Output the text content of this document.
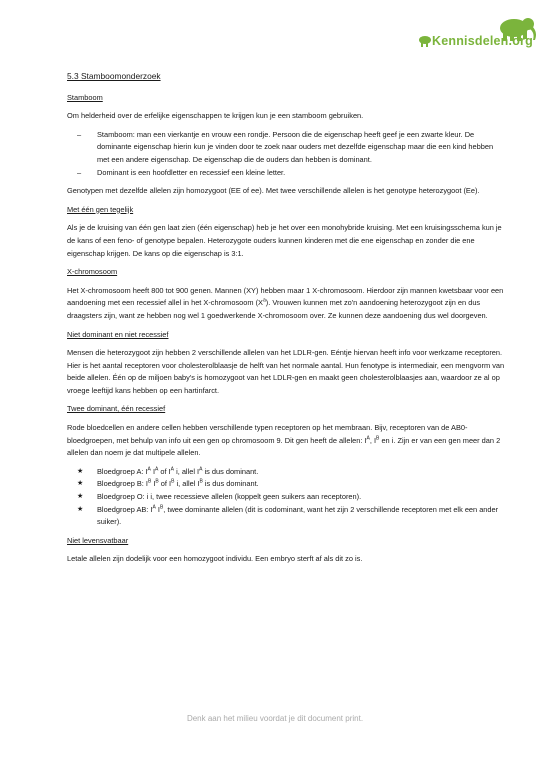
Kennisdelen.org
5.3 Stamboomonderzoek
Stamboom

Om helderheid over de erfelijke eigenschappen te krijgen kun je een stamboom gebruiken.

– Stamboom: man een vierkantje en vrouw een rondje. Persoon die de eigenschap heeft geef je een zwarte kleur. De dominante eigenschap hierin kun je vinden door te zoek naar ouders met dezelfde eigenschap maar die een kind hebben met een andere eigenschap. De eigenschap die de ouders dan hebben is dominant.
– Dominant is een hoofdletter en recessief een kleine letter.

Genotypen met dezelfde allelen zijn homozygoot (EE of ee). Met twee verschillende allelen is het genotype heterozygoot (Ee).

Met één gen tegelijk

Als je de kruising van één gen laat zien (één eigenschap) heb je het over een monohybride kruising. Met een kruisingsschema kun je de kans of een feno- of genotype bepalen. Heterozygote ouders kunnen kinderen met die ene eigenschap en zonder die ene eigenschap krijgen. De kans op die eigenschap is 3:1.

X-chromosoom

Het X-chromosoom heeft 800 tot 900 genen. Mannen (XY) hebben maar 1 X-chromosoom. Hierdoor zijn mannen kwetsbaar voor een aandoening met een recessief allel in het X-chromosoom $(X^a)$. Vrouwen kunnen met zo'n aandoening heterozygoot zijn en dus draagsters zijn, want ze hebben nog wel 1 goedwerkende X-chromosoom over. Ze kunnen deze aandoening dus wel doorgeven.

Niet dominant en niet recessief

Mensen die heterozygoot zijn hebben 2 verschillende allelen van het LDLR-gen. Eéntje hiervan heeft info voor werkzame receptoren. Hier is het aantal receptoren voor cholesterolblaasje de helft van het normale aantal. Hun fenotype is intermediair, een mengvorm van beide allelen. Één op de miljoen baby's is homozygoot van het LDLR-gen en maakt geen cholesterolblaasjes aan, waardoor ze al op vroege leeftijd kans hebben op een hartinfarct.

Twee dominant, één recessief

Rode bloedcellen en andere cellen hebben verschillende typen receptoren op het membraan. Bijv, receptoren van de AB0-bloedgroepen, met behulp van info uit een gen op chromosoom 9. Dit gen heeft de allelen: $I^A$, $I^B$ en i. Zijn er van een gen meer dan 2 allelen dan noem je dat multipele allelen.

★ Bloedgroep A: $I^A$ $I^A$ of $I^A$ i, allel $I^A$ is dus dominant.
★ Bloedgroep B: $I^B$ $I^B$ of $I^B$ i, allel $I^B$ is dus dominant.
★ Bloedgroep O: i i, twee recessieve allelen (koppelt geen suikers aan receptoren).
★ Bloedgroep AB: $I^A$ $I^B$, twee dominante allelen (dit is codominant, want het zijn 2 verschillende receptoren met elk een ander suiker).
Niet levensvatbaar

Letale allelen zijn dodelijk voor een homozygoot individu. Een embryo sterft af als dit zo is.

Denk aan het milieu voordat je dit document print.
